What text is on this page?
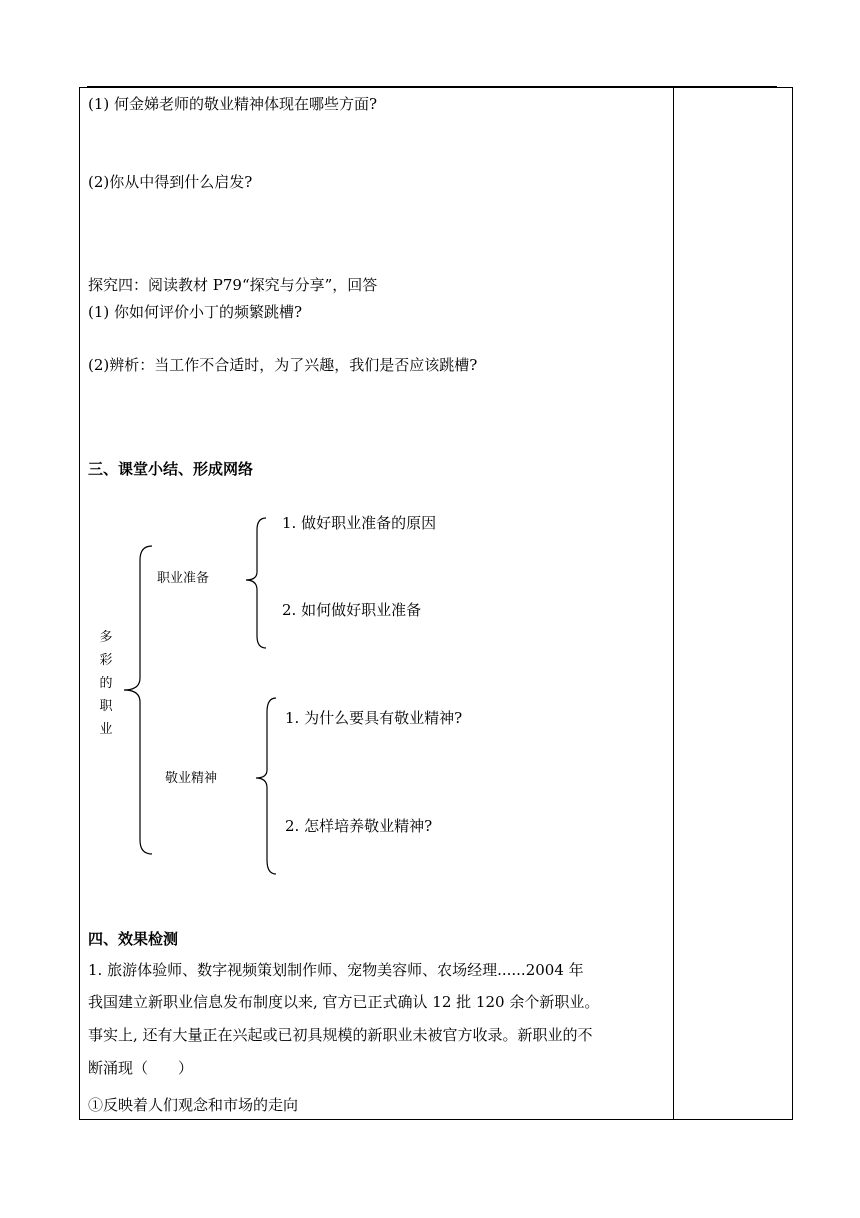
(1) 何金娣老师的敬业精神体现在哪些方面?
(2)你从中得到什么启发?
探究四：阅读教材 P79“探究与分享”，回答
(1) 你如何评价小丁的频繁跳槽?
(2)辨析：当工作不合适时，为了兴趣，我们是否应该跳槽?
三、课堂小结、形成网络
多
彩
的
职
业
职业准备
1. 做好职业准备的原因
2. 如何做好职业准备
敬业精神
1. 为什么要具有敬业精神?
2. 怎样培养敬业精神?
四、效果检测
1. 旅游体验师、数字视频策划制作师、宠物美容师、农场经理......2004 年
我国建立新职业信息发布制度以来, 官方已正式确认 12 批 120 余个新职业。
事实上, 还有大量正在兴起或已初具规模的新职业未被官方收录。新职业的不
断涌现（　　）
①反映着人们观念和市场的走向
